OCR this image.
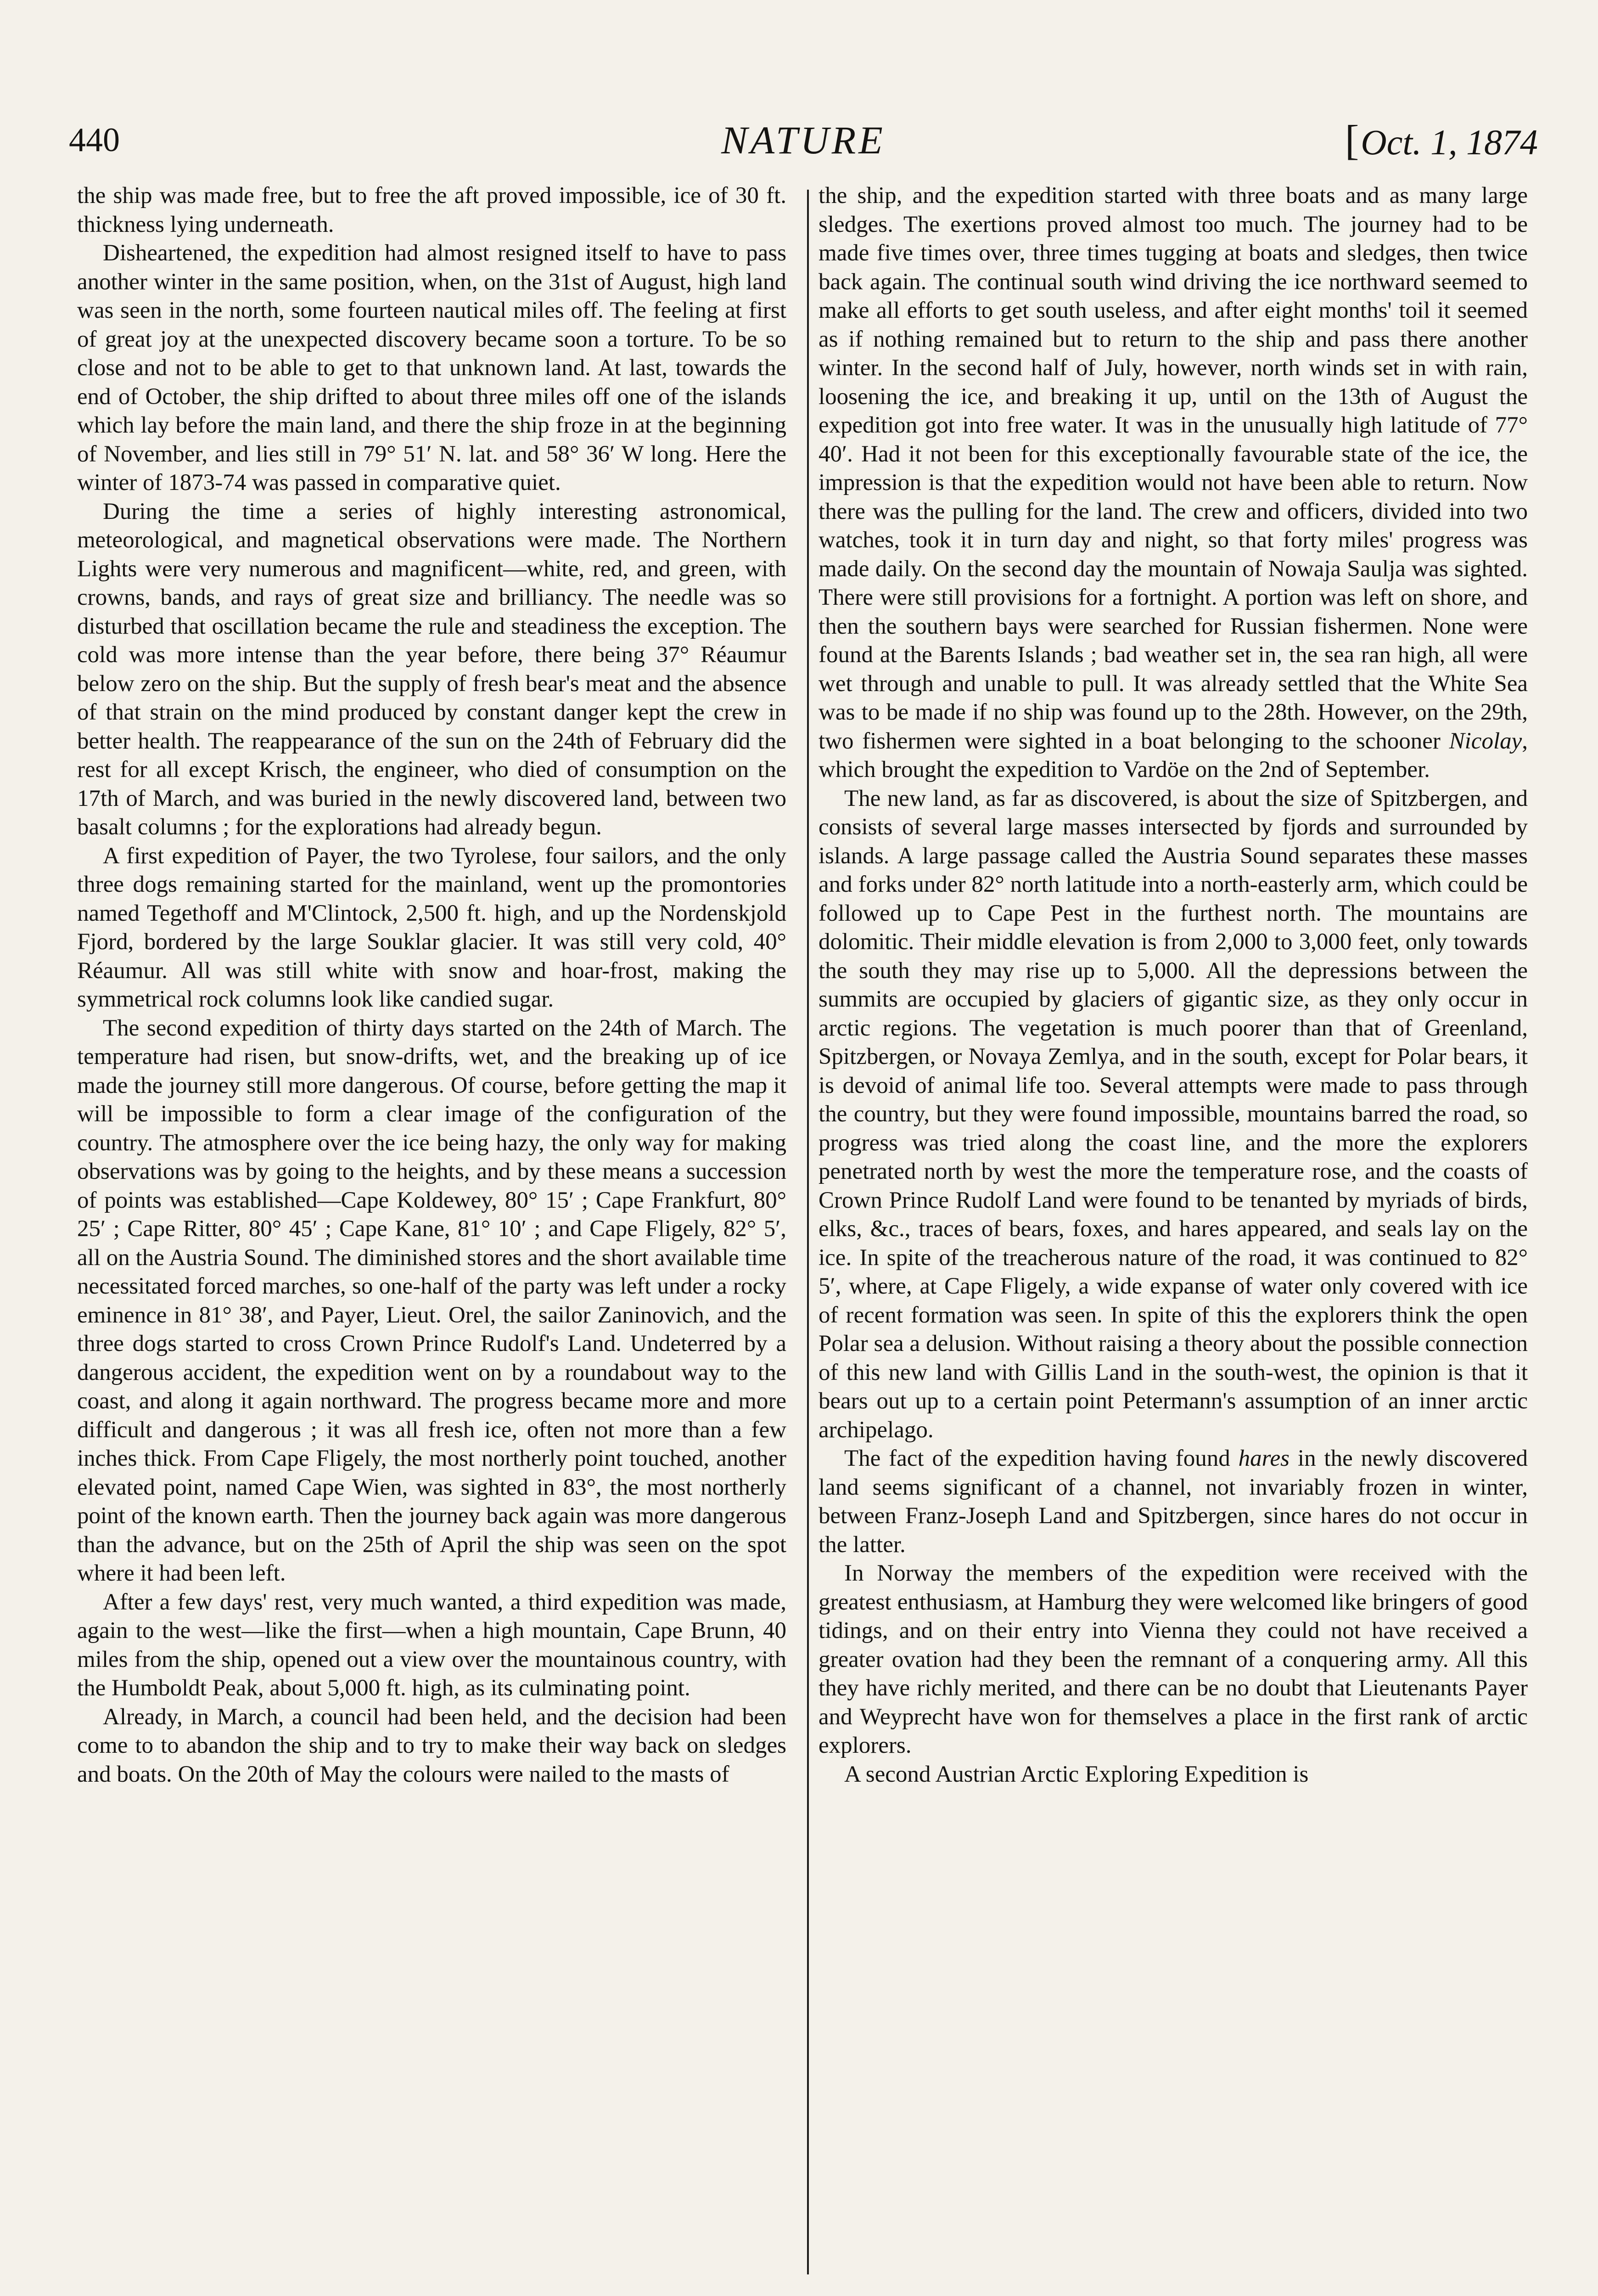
440	NATURE	[Oct. 1, 1874

the ship was made free, but to free the aft proved impossible, ice of 30 ft. thickness lying underneath.

Disheartened, the expedition had almost resigned itself to have to pass another winter in the same position, when, on the 31st of August, high land was seen in the north, some fourteen nautical miles off. The feeling at first of great joy at the unexpected discovery became soon a torture. To be so close and not to be able to get to that unknown land. At last, towards the end of October, the ship drifted to about three miles off one of the islands which lay before the main land, and there the ship froze in at the beginning of November, and lies still in 79° 51′ N. lat. and 58° 36′ W long. Here the winter of 1873-74 was passed in comparative quiet.

During the time a series of highly interesting astronomical, meteorological, and magnetical observations were made. The Northern Lights were very numerous and magnificent—white, red, and green, with crowns, bands, and rays of great size and brilliancy. The needle was so disturbed that oscillation became the rule and steadiness the exception. The cold was more intense than the year before, there being 37° Réaumur below zero on the ship. But the supply of fresh bear's meat and the absence of that strain on the mind produced by constant danger kept the crew in better health. The reappearance of the sun on the 24th of February did the rest for all except Krisch, the engineer, who died of consumption on the 17th of March, and was buried in the newly discovered land, between two basalt columns ; for the explorations had already begun.

A first expedition of Payer, the two Tyrolese, four sailors, and the only three dogs remaining started for the mainland, went up the promontories named Tegethoff and M'Clintock, 2,500 ft. high, and up the Nordenskjold Fjord, bordered by the large Souklar glacier. It was still very cold, 40° Réaumur. All was still white with snow and hoar-frost, making the symmetrical rock columns look like candied sugar.

The second expedition of thirty days started on the 24th of March. The temperature had risen, but snow-drifts, wet, and the breaking up of ice made the journey still more dangerous. Of course, before getting the map it will be impossible to form a clear image of the configuration of the country. The atmosphere over the ice being hazy, the only way for making observations was by going to the heights, and by these means a succession of points was established—Cape Koldewey, 80° 15′ ; Cape Frankfurt, 80° 25′ ; Cape Ritter, 80° 45′ ; Cape Kane, 81° 10′ ; and Cape Fligely, 82° 5′, all on the Austria Sound. The diminished stores and the short available time necessitated forced marches, so one-half of the party was left under a rocky eminence in 81° 38′, and Payer, Lieut. Orel, the sailor Zaninovich, and the three dogs started to cross Crown Prince Rudolf's Land. Undeterred by a dangerous accident, the expedition went on by a roundabout way to the coast, and along it again northward. The progress became more and more difficult and dangerous ; it was all fresh ice, often not more than a few inches thick. From Cape Fligely, the most northerly point touched, another elevated point, named Cape Wien, was sighted in 83°, the most northerly point of the known earth. Then the journey back again was more dangerous than the advance, but on the 25th of April the ship was seen on the spot where it had been left.

After a few days' rest, very much wanted, a third expedition was made, again to the west—like the first—when a high mountain, Cape Brunn, 40 miles from the ship, opened out a view over the mountainous country, with the Humboldt Peak, about 5,000 ft. high, as its culminating point.

Already, in March, a council had been held, and the decision had been come to to abandon the ship and to try to make their way back on sledges and boats. On the 20th of May the colours were nailed to the masts of

the ship, and the expedition started with three boats and as many large sledges. The exertions proved almost too much. The journey had to be made five times over, three times tugging at boats and sledges, then twice back again. The continual south wind driving the ice northward seemed to make all efforts to get south useless, and after eight months' toil it seemed as if nothing remained but to return to the ship and pass there another winter. In the second half of July, however, north winds set in with rain, loosening the ice, and breaking it up, until on the 13th of August the expedition got into free water. It was in the unusually high latitude of 77° 40′. Had it not been for this exceptionally favourable state of the ice, the impression is that the expedition would not have been able to return. Now there was the pulling for the land. The crew and officers, divided into two watches, took it in turn day and night, so that forty miles' progress was made daily. On the second day the mountain of Nowaja Saulja was sighted. There were still provisions for a fortnight. A portion was left on shore, and then the southern bays were searched for Russian fishermen. None were found at the Barents Islands ; bad weather set in, the sea ran high, all were wet through and unable to pull. It was already settled that the White Sea was to be made if no ship was found up to the 28th. However, on the 29th, two fishermen were sighted in a boat belonging to the schooner Nicolay, which brought the expedition to Vardöe on the 2nd of September.

The new land, as far as discovered, is about the size of Spitzbergen, and consists of several large masses intersected by fjords and surrounded by islands. A large passage called the Austria Sound separates these masses and forks under 82° north latitude into a north-easterly arm, which could be followed up to Cape Pest in the furthest north. The mountains are dolomitic. Their middle elevation is from 2,000 to 3,000 feet, only towards the south they may rise up to 5,000. All the depressions between the summits are occupied by glaciers of gigantic size, as they only occur in arctic regions. The vegetation is much poorer than that of Greenland, Spitzbergen, or Novaya Zemlya, and in the south, except for Polar bears, it is devoid of animal life too. Several attempts were made to pass through the country, but they were found impossible, mountains barred the road, so progress was tried along the coast line, and the more the explorers penetrated north by west the more the temperature rose, and the coasts of Crown Prince Rudolf Land were found to be tenanted by myriads of birds, elks, &c., traces of bears, foxes, and hares appeared, and seals lay on the ice. In spite of the treacherous nature of the road, it was continued to 82° 5′, where, at Cape Fligely, a wide expanse of water only covered with ice of recent formation was seen. In spite of this the explorers think the open Polar sea a delusion. Without raising a theory about the possible connection of this new land with Gillis Land in the south-west, the opinion is that it bears out up to a certain point Petermann's assumption of an inner arctic archipelago.

The fact of the expedition having found hares in the newly discovered land seems significant of a channel, not invariably frozen in winter, between Franz-Joseph Land and Spitzbergen, since hares do not occur in the latter.

In Norway the members of the expedition were received with the greatest enthusiasm, at Hamburg they were welcomed like bringers of good tidings, and on their entry into Vienna they could not have received a greater ovation had they been the remnant of a conquering army. All this they have richly merited, and there can be no doubt that Lieutenants Payer and Weyprecht have won for themselves a place in the first rank of arctic explorers.

A second Austrian Arctic Exploring Expedition is
